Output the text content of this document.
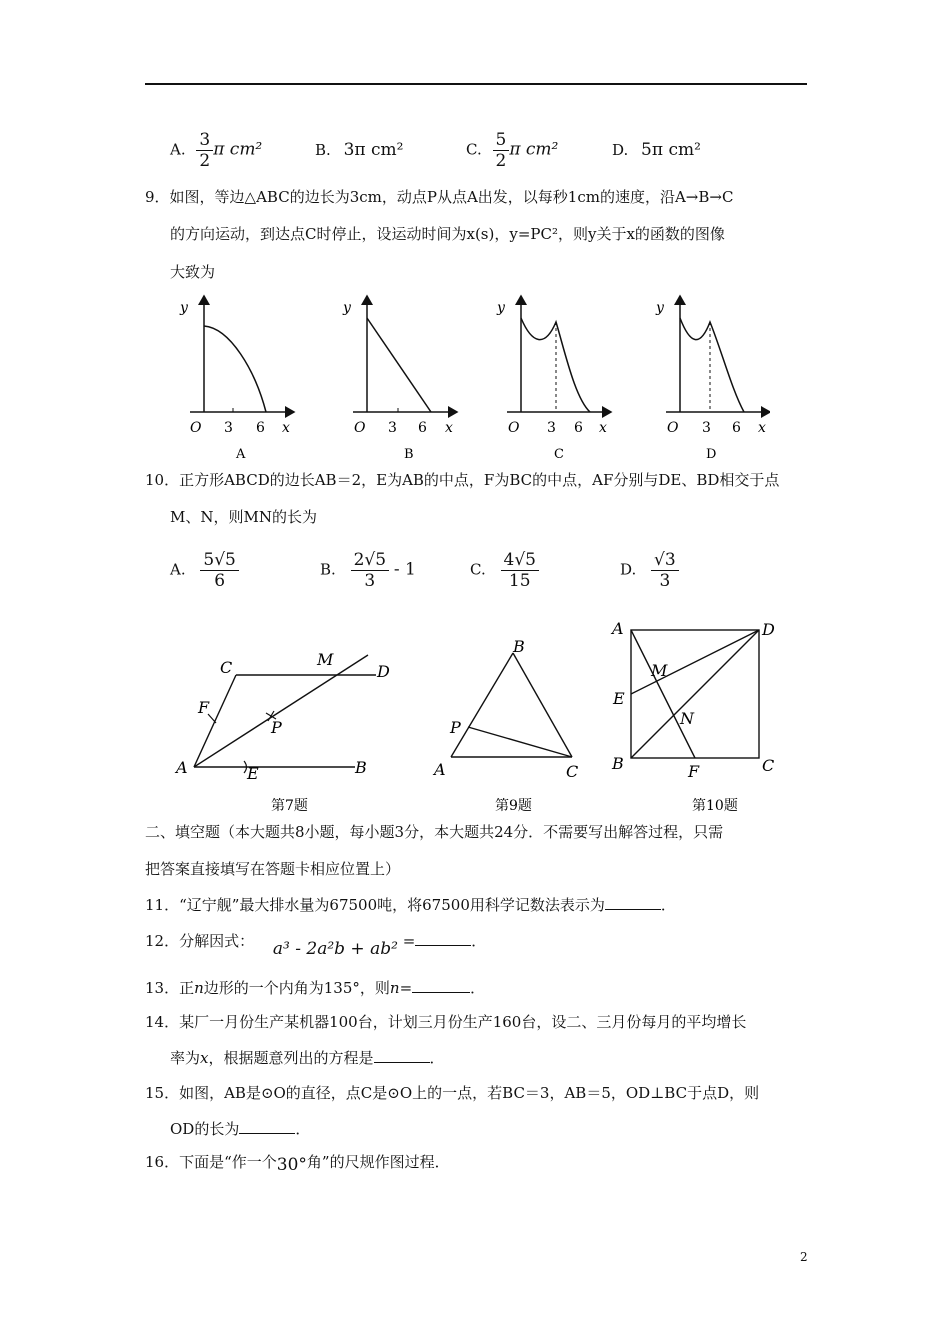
A. $\frac{3}{2}$ π cm²	B. 3π cm²	C. $\frac{5}{2}$ π cm²	D. 5π cm²
9．如图，等边△ABC的边长为3cm，动点P从点A出发，以每秒1cm的速度，沿A→B→C
的方向运动，到达点C时停止，设运动时间为x(s)，y=PC²，则y关于x的函数的图像
大致为
y
O 3 6 x
A
y
O 3 6 x
B
y
O 3 6 x
C
y
O 3 6 x
D
10．正方形ABCD的边长AB＝2，E为AB的中点，F为BC的中点，AF分别与DE、BD相交于点
M、N，则MN的长为
A. $\frac{5√5}{6}$	B. $\frac{2√5}{3} - 1$	C. $\frac{4√5}{15}$	D. $\frac{√3}{3}$
A	B
C	D
E
F
M
P
第7题
A
B
C
P
第9题
A	D
E
B	F	C
M
N
第10题
二、填空题（本大题共8小题，每小题3分，本大题共24分．不需要写出解答过程，只需
把答案直接填写在答题卡相应位置上）
11．“辽宁舰”最大排水量为67500吨，将67500用科学记数法表示为	．
12．分解因式： a³ - 2a²b + ab² =	．
13．正n边形的一个内角为135°，则n=	．
14．某厂一月份生产某机器100台，计划三月份生产160台，设二、三月份每月的平均增长
率为x，根据题意列出的方程是	．
15．如图，AB是⊙O的直径，点C是⊙O上的一点，若BC＝3，AB＝5，OD⊥BC于点D，则
OD的长为	．
16．下面是“作一个30°角”的尺规作图过程．
2
